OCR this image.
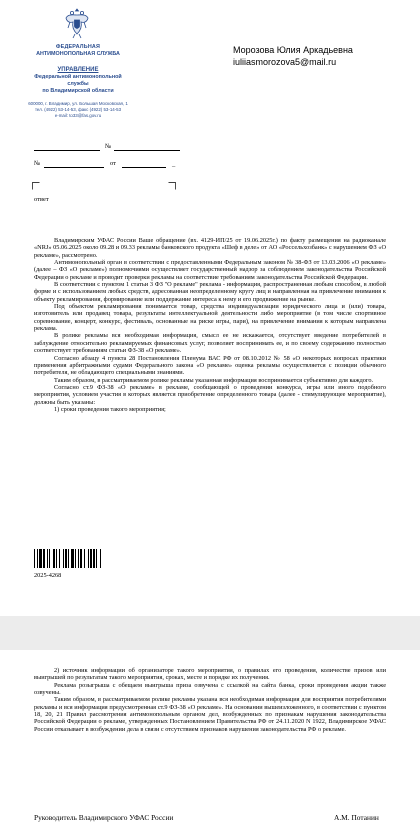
ФЕДЕРАЛЬНАЯ
АНТИМОНОПОЛЬНАЯ СЛУЖБА
УПРАВЛЕНИЕ
Федеральной антимонопольной службы
по Владимирской области
600000, г. Владимир, ул. Большая Московская, 1
тел. (4922) 53-14-53, факс (4922) 53-14-53
e-mail: to33@fas.gov.ru
Морозова Юлия Аркадьевна
iuliiasmorozova5@mail.ru
№
№	от	_
ответ

Владимирским УФАС России Ваше обращение (вх. 4129-ИП/25 от 19.06.2025г.) по факту размещения на радиоканале «NRJ» 05.06.2025 около 09.28 и 09.33 рекламы банковского продукта «Шеф в деле» от АО «Россельхозбанк» с нарушением ФЗ «О рекламе», рассмотрено.

Антимонопольный орган в соответствии с предоставленными Федеральным законом № 38-ФЗ от 13.03.2006 «О рекламе» (далее – ФЗ «О рекламе») полномочиями осуществляет государственный надзор за соблюдением законодательства Российской Федерации о рекламе и проводит проверки рекламы на соответствие требованиям законодательства Российской Федерации.

В соответствии с пунктом 1 статьи 3 ФЗ "О рекламе" реклама - информация, распространенная любым способом, в любой форме и с использованием любых средств, адресованная неопределенному кругу лиц и направленная на привлечение внимания к объекту рекламирования, формирование или поддержание интереса к нему и его продвижение на рынке.

Под объектом рекламирования понимается товар, средства индивидуализации юридического лица и (или) товара, изготовитель или продавец товара, результаты интеллектуальной деятельности либо мероприятие (в том числе спортивное соревнование, концерт, конкурс, фестиваль, основанные на риске игры, пари), на привлечение внимания к которым направлена реклама.

В ролике рекламы вся необходимая информация, смысл ее не искажается, отсутствует введение потребителей в заблуждение относительно рекламируемых финансовых услуг, позволяет воспринимать ее, и по своему содержанию полностью соответствует требованиям статьи ФЗ-38 «О рекламе».

Согласно абзацу 4 пункта 28 Постановления Пленума ВАС РФ от 08.10.2012 № 58 «О некоторых вопросах практики применения арбитражными судами Федерального закона «О рекламе» оценка рекламы осуществляется с позиции обычного потребителя, не обладающего специальными знаниями.

Таким образом, в рассматриваемом ролике рекламы указанная информация воспринимается субъективно для каждого.

Согласно ст.9 ФЗ-38 «О рекламе» в рекламе, сообщающей о проведении конкурса, игры или иного подобного мероприятия, условием участия в которых является приобретение определенного товара (далее - стимулирующее мероприятие), должны быть указаны:

1) сроки проведения такого мероприятия;

2025-4268

2) источник информации об организаторе такого мероприятия, о правилах его проведения, количестве призов или выигрышей по результатам такого мероприятия, сроках, месте и порядке их получения.

Реклама розыгрыша с обещаем выигрыша приза озвучена с ссылкой на сайта банка, сроки проведения акции также озвучены.

Таким образом, в рассматриваемом ролике рекламы указана вся необходимая информация для восприятия потребителями рекламы и вся информация предусмотренная ст.9 ФЗ-38 «О рекламе». На основании вышеизложенного, в соответствии с пунктом 18, 20, 21 Правил рассмотрения антимонопольным органом дел, возбужденных по признакам нарушения законодательства Российской Федерации о рекламе, утвержденных Постановлением Правительства РФ от 24.11.2020 N 1922, Владимирское УФАС России отказывает в возбуждении дела в связи с отсутствием признаков нарушения законодательства РФ о рекламе.

Руководитель Владимирского УФАС России	А.М. Потанин
